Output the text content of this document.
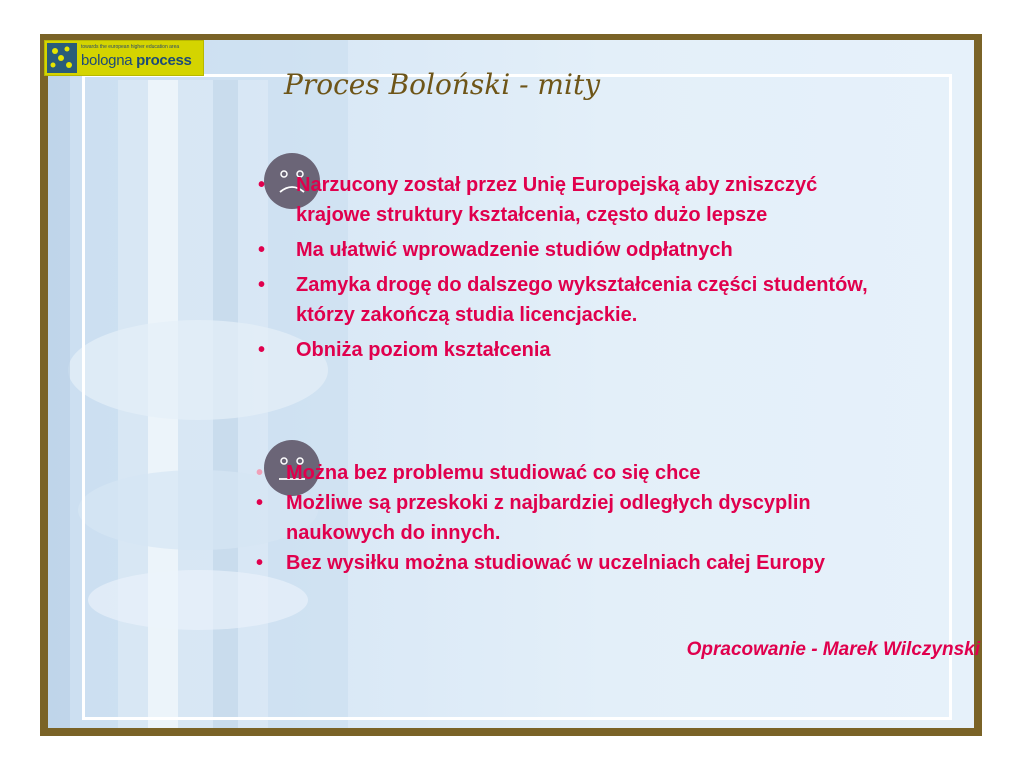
towards the european higher education area
bologna process
Proces Boloński - mity
• Narzucony został przez Unię Europejską aby zniszczyć krajowe struktury kształcenia, często dużo lepsze
• Ma ułatwić wprowadzenie studiów odpłatnych
• Zamyka drogę do dalszego wykształcenia części studentów, którzy zakończą studia licencjackie.
• Obniża poziom kształcenia
• Można bez problemu studiować co się chce
• Możliwe są przeskoki z najbardziej odległych dyscyplin naukowych do innych.
• Bez wysiłku można studiować w uczelniach całej Europy
Opracowanie - Marek Wilczynski
